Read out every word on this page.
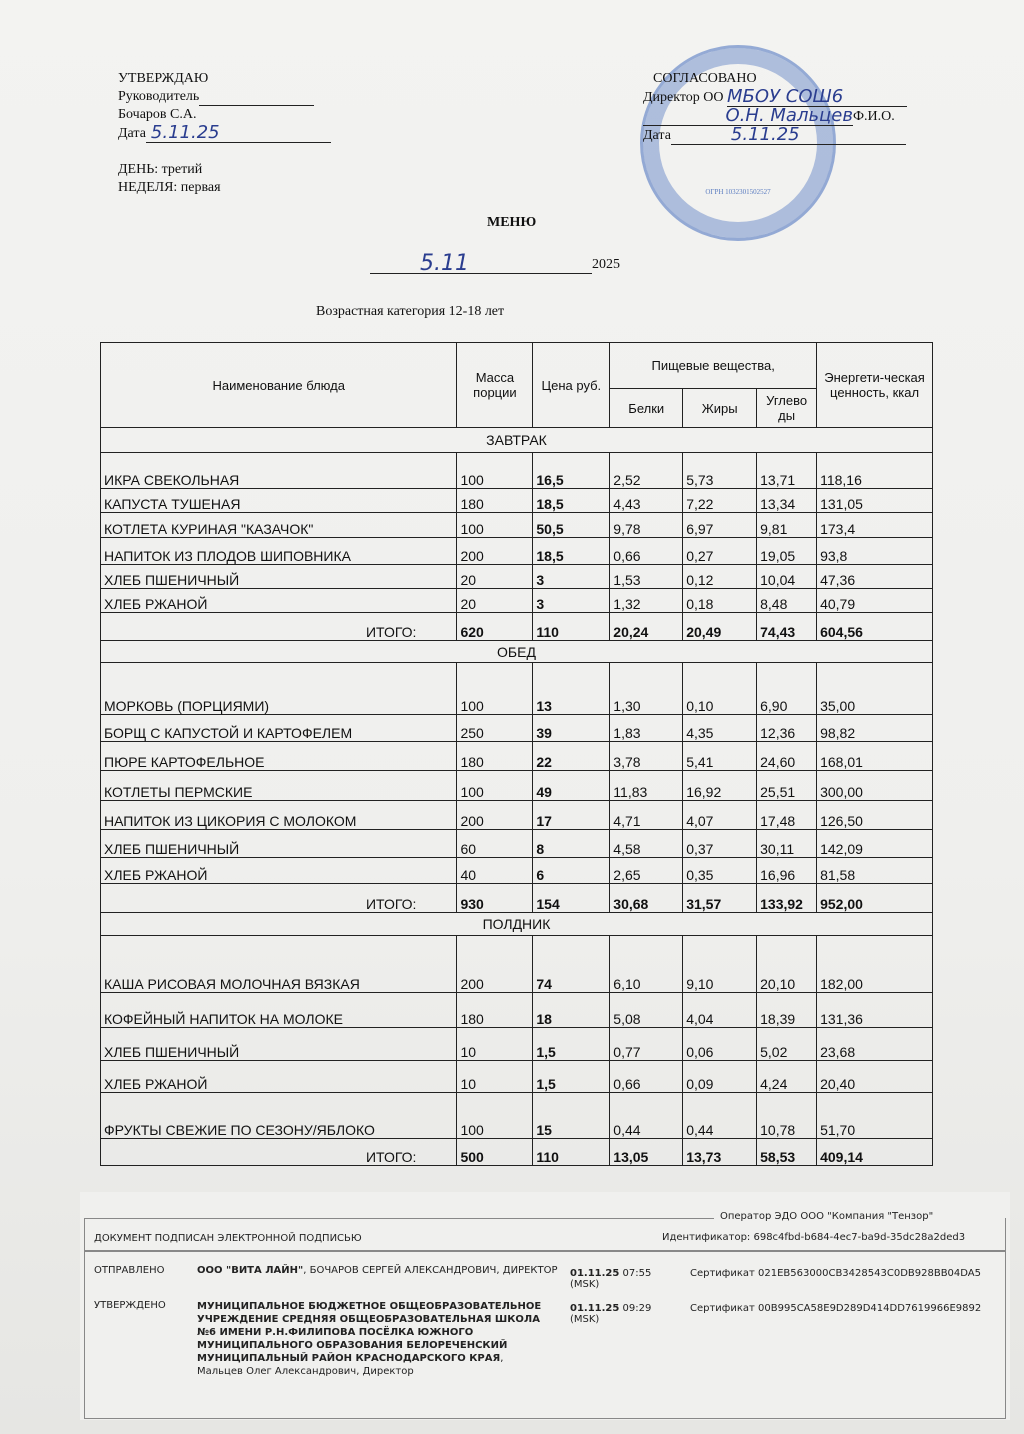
УТВЕРЖДАЮ
Руководитель
Бочаров С.А.
Дата 5.11.25
ДЕНЬ: третий
НЕДЕЛЯ: первая	ОГРН 1032301502527
СОГЛАСОВАНО
Директор ОО МБОУ СОШ6
О.Н. МальцевФ.И.О.
Дата	5.11.25
МЕНЮ
5.11	2025
Возрастная категория 12-18 лет
Наименование блюда	Масса порции	Цена руб.	Пищевые вещества,			Энергети-ческая ценность, ккал
			Белки	Жиры	Углево ды	
ЗАВТРАК						
ИКРА СВЕКОЛЬНАЯ	100	16,5	2,52	5,73	13,71	118,16
КАПУСТА ТУШЕНАЯ	180	18,5	4,43	7,22	13,34	131,05
КОТЛЕТА КУРИНАЯ "КАЗАЧОК"	100	50,5	9,78	6,97	9,81	173,4
НАПИТОК ИЗ ПЛОДОВ ШИПОВНИКА	200	18,5	0,66	0,27	19,05	93,8
ХЛЕБ ПШЕНИЧНЫЙ	20	3	1,53	0,12	10,04	47,36
ХЛЕБ РЖАНОЙ	20	3	1,32	0,18	8,48	40,79
ИТОГО:	620	110	20,24	20,49	74,43	604,56
ОБЕД						
МОРКОВЬ (ПОРЦИЯМИ)	100	13	1,30	0,10	6,90	35,00
БОРЩ С КАПУСТОЙ И КАРТОФЕЛЕМ	250	39	1,83	4,35	12,36	98,82
ПЮРЕ КАРТОФЕЛЬНОЕ	180	22	3,78	5,41	24,60	168,01
КОТЛЕТЫ ПЕРМСКИЕ	100	49	11,83	16,92	25,51	300,00
НАПИТОК ИЗ ЦИКОРИЯ С МОЛОКОМ	200	17	4,71	4,07	17,48	126,50
ХЛЕБ ПШЕНИЧНЫЙ	60	8	4,58	0,37	30,11	142,09
ХЛЕБ РЖАНОЙ	40	6	2,65	0,35	16,96	81,58
ИТОГО:	930	154	30,68	31,57	133,92	952,00
ПОЛДНИК						
КАША РИСОВАЯ МОЛОЧНАЯ ВЯЗКАЯ	200	74	6,10	9,10	20,10	182,00
КОФЕЙНЫЙ НАПИТОК НА МОЛОКЕ	180	18	5,08	4,04	18,39	131,36
ХЛЕБ ПШЕНИЧНЫЙ	10	1,5	0,77	0,06	5,02	23,68
ХЛЕБ РЖАНОЙ	10	1,5	0,66	0,09	4,24	20,40
ФРУКТЫ СВЕЖИЕ ПО СЕЗОНУ/ЯБЛОКО	100	15	0,44	0,44	10,78	51,70
ИТОГО:	500	110	13,05	13,73	58,53	409,14
Оператор ЭДО ООО "Компания "Тензор"
ДОКУМЕНТ ПОДПИСАН ЭЛЕКТРОННОЙ ПОДПИСЬЮ	Идентификатор: 698c4fbd-b684-4ec7-ba9d-35dc28a2ded3
ОТПРАВЛЕНО	ООО "ВИТА ЛАЙН", БОЧАРОВ СЕРГЕЙ АЛЕКСАНДРОВИЧ, ДИРЕКТОР	01.11.25 07:55 (MSK)
Сертификат 021EB563000CB3428543C0DB928BB04DA5
УТВЕРЖДЕНО	МУНИЦИПАЛЬНОЕ БЮДЖЕТНОЕ ОБЩЕОБРАЗОВАТЕЛЬНОЕ УЧРЕЖДЕНИЕ СРЕДНЯЯ ОБЩЕОБРАЗОВАТЕЛЬНАЯ ШКОЛА №6 ИМЕНИ Р.Н.ФИЛИПОВА ПОСЁЛКА ЮЖНОГО МУНИЦИПАЛЬНОГО ОБРАЗОВАНИЯ БЕЛОРЕЧЕНСКИЙ МУНИЦИПАЛЬНЫЙ РАЙОН КРАСНОДАРСКОГО КРАЯ, Мальцев Олег Александрович, Директор
01.11.25 09:29 (MSK)
Сертификат 00B995CA58E9D289D414DD7619966E9892
